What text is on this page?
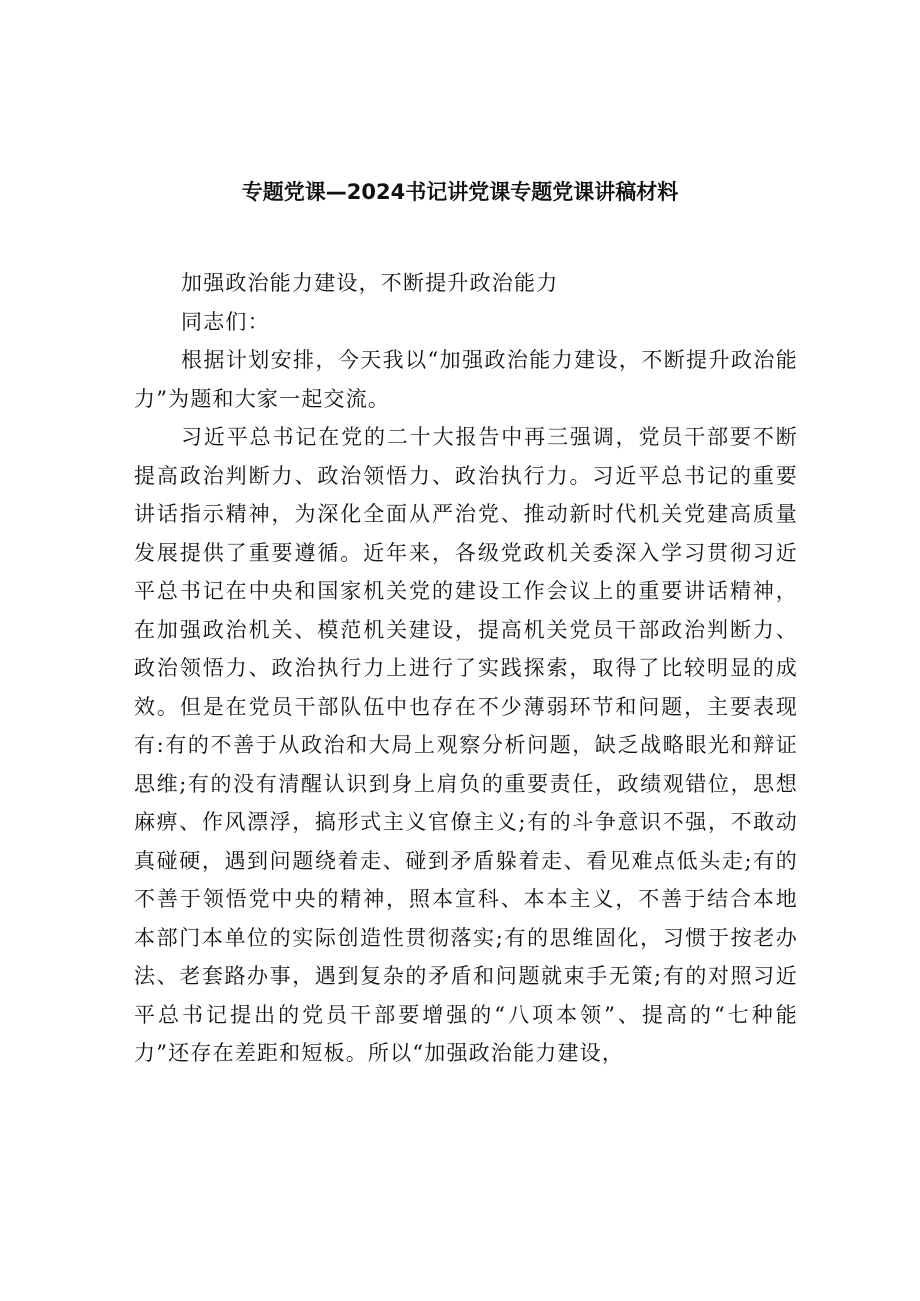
专题党课—2024书记讲党课专题党课讲稿材料

加强政治能力建设，不断提升政治能力

同志们：

根据计划安排，今天我以“加强政治能力建设，不断提升政治能力”为题和大家一起交流。

习近平总书记在党的二十大报告中再三强调，党员干部要不断提高政治判断力、政治领悟力、政治执行力。习近平总书记的重要讲话指示精神，为深化全面从严治党、推动新时代机关党建高质量发展提供了重要遵循。近年来，各级党政机关委深入学习贯彻习近平总书记在中央和国家机关党的建设工作会议上的重要讲话精神，在加强政治机关、模范机关建设，提高机关党员干部政治判断力、政治领悟力、政治执行力上进行了实践探索，取得了比较明显的成效。但是在党员干部队伍中也存在不少薄弱环节和问题，主要表现有:有的不善于从政治和大局上观察分析问题，缺乏战略眼光和辩证思维;有的没有清醒认识到身上肩负的重要责任，政绩观错位，思想麻痹、作风漂浮，搞形式主义官僚主义;有的斗争意识不强，不敢动真碰硬，遇到问题绕着走、碰到矛盾躲着走、看见难点低头走;有的不善于领悟党中央的精神，照本宣科、本本主义，不善于结合本地本部门本单位的实际创造性贯彻落实;有的思维固化，习惯于按老办法、老套路办事，遇到复杂的矛盾和问题就束手无策;有的对照习近平总书记提出的党员干部要增强的“八项本领”、提高的“七种能力”还存在差距和短板。所以“加强政治能力建设，
